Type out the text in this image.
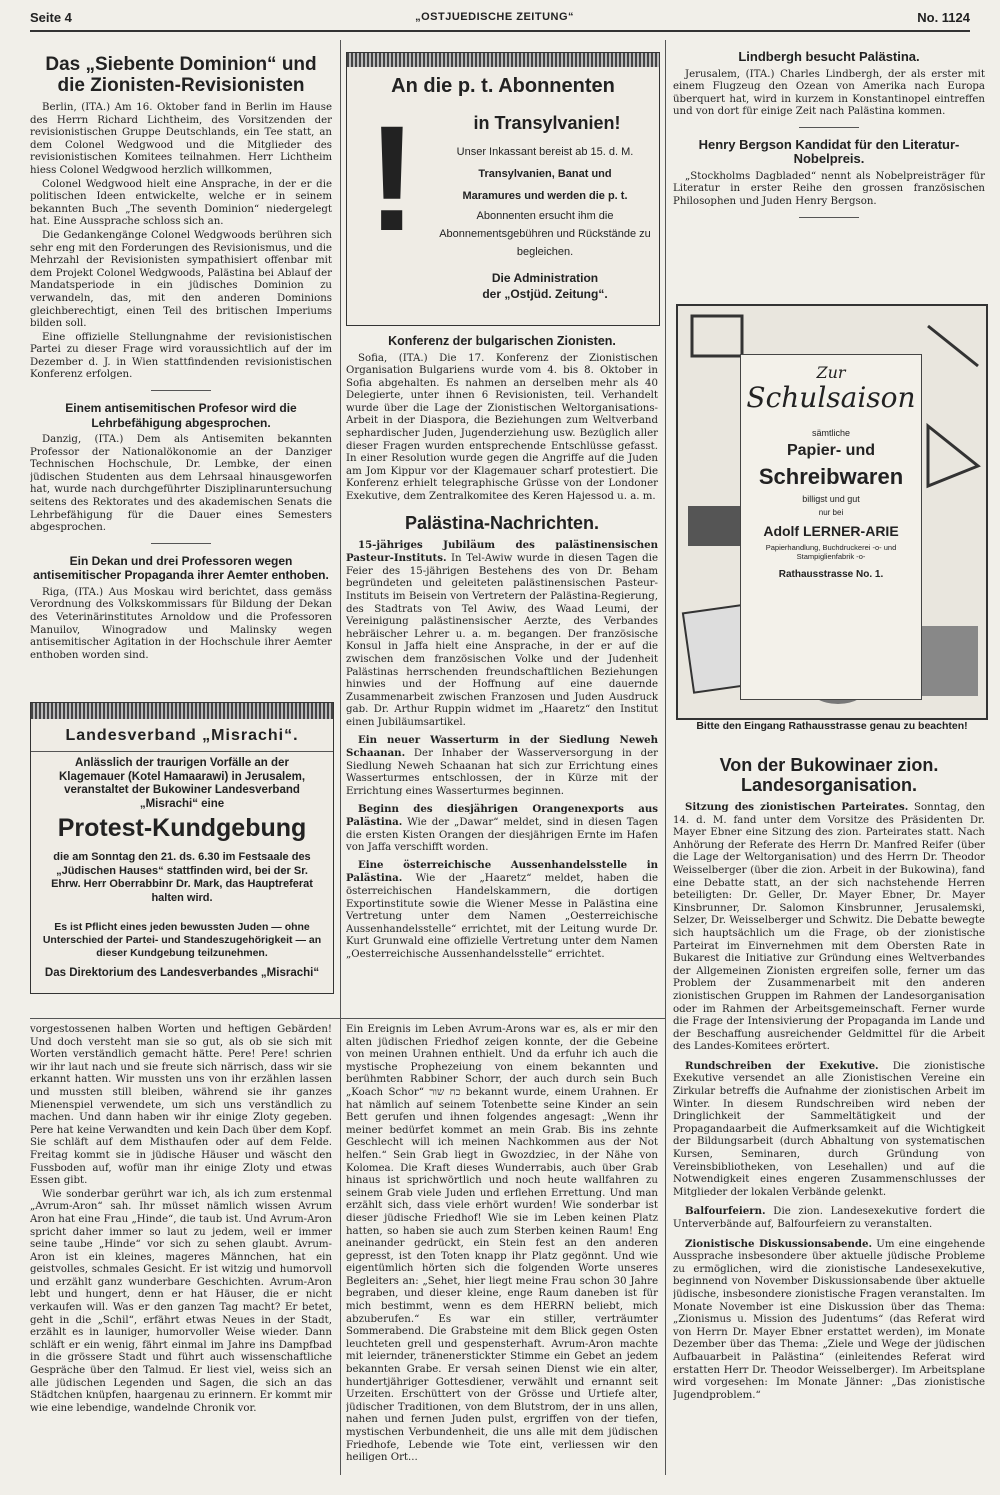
Seite 4	„OSTJUEDISCHE ZEITUNG“	No. 1124
Das „Siebente Dominion“ und die Zionisten-Revisionisten

Berlin, (ITA.) Am 16. Oktober fand in Berlin im Hause des Herrn Richard Lichtheim, des Vorsitzenden der revisionistischen Gruppe Deutschlands, ein Tee statt, an dem Colonel Wedgwood und die Mitglieder des revisionistischen Komitees teilnahmen. Herr Lichtheim hiess Colonel Wedgwood herzlich willkommen,

Colonel Wedgwood hielt eine Ansprache, in der er die politischen Ideen entwickelte, welche er in seinem bekannten Buch „The seventh Dominion“ niedergelegt hat. Eine Aussprache schloss sich an.

Die Gedankengänge Colonel Wedgwoods berühren sich sehr eng mit den Forderungen des Revisionismus, und die Mehrzahl der Revisionisten sympathisiert offenbar mit dem Projekt Colonel Wedgwoods, Palästina bei Ablauf der Mandatsperiode in ein jüdisches Dominion zu verwandeln, das, mit den anderen Dominions gleichberechtigt, einen Teil des britischen Imperiums bilden soll.

Eine offizielle Stellungnahme der revisionistischen Partei zu dieser Frage wird voraussichtlich auf der im Dezember d. J. in Wien stattfindenden revisionistischen Konferenz erfolgen.

Einem antisemitischen Profesor wird die Lehrbefähigung abgesprochen.

Danzig, (ITA.) Dem als Antisemiten bekannten Professor der Nationalökonomie an der Danziger Technischen Hochschule, Dr. Lembke, der einen jüdischen Studenten aus dem Lehrsaal hinausgeworfen hat, wurde nach durchgeführter Disziplinaruntersuchung seitens des Rektorates und des akademischen Senats die Lehrbefähigung für die Dauer eines Semesters abgesprochen.

Ein Dekan und drei Professoren wegen antisemitischer Propaganda ihrer Aemter enthoben.

Riga, (ITA.) Aus Moskau wird berichtet, dass gemäss Verordnung des Volkskommissars für Bildung der Dekan des Veterinärinstitutes Arnoldow und die Professoren Manuilov, Winogradow und Malinsky wegen antisemitischer Agitation in der Hochschule ihrer Aemter enthoben worden sind.

Landesverband „Misrachi“.
Anlässlich der traurigen Vorfälle an der Klagemauer (Kotel Hamaarawi) in Jerusalem, veranstaltet der Bukowiner Landesverband „Misrachi“ eine
Protest-Kundgebung
die am Sonntag den 21. ds. 6.30 im Festsaale des „Jüdischen Hauses“ stattfinden wird, bei der Sr. Ehrw. Herr Oberrabbinr Dr. Mark, das Hauptreferat halten wird.
Es ist Pflicht eines jeden bewussten Juden — ohne Unterschied der Partei- und Standeszugehörigkeit — an dieser Kundgebung teilzunehmen.
Das Direktorium des Landesverbandes „Misrachi“
An die p. t. Abonnenten
!	in Transylvanien!
Unser Inkassant bereist ab 15. d. M.
Transylvanien, Banat und
Maramures und werden die p. t.
Abonnenten ersucht ihm die Abonnementsgebühren und Rückstände zu begleichen.
Die Administration
der „Ostjüd. Zeitung“.
Konferenz der bulgarischen Zionisten.

Sofia, (ITA.) Die 17. Konferenz der Zionistischen Organisation Bulgariens wurde vom 4. bis 8. Oktober in Sofia abgehalten. Es nahmen an derselben mehr als 40 Delegierte, unter ihnen 6 Revisionisten, teil. Verhandelt wurde über die Lage der Zionistischen Weltorganisations-Arbeit in der Diaspora, die Beziehungen zum Weltverband sephardischer Juden, Jugenderziehung usw. Bezüglich aller dieser Fragen wurden entsprechende Entschlüsse gefasst. In einer Resolution wurde gegen die Angriffe auf die Juden am Jom Kippur vor der Klagemauer scharf protestiert. Die Konferenz erhielt telegraphische Grüsse von der Londoner Exekutive, dem Zentralkomitee des Keren Hajessod u. a. m.

Palästina-Nachrichten.

15-jähriges Jubiläum des palästinensischen Pasteur-Instituts. In Tel-Awiw wurde in diesen Tagen die Feier des 15-jährigen Bestehens des von Dr. Beham begründeten und geleiteten palästinensischen Pasteur-Instituts im Beisein von Vertretern der Palästina-Regierung, des Stadtrats von Tel Awiw, des Waad Leumi, der Vereinigung palästinensischer Aerzte, des Verbandes hebräischer Lehrer u. a. m. begangen. Der französische Konsul in Jaffa hielt eine Ansprache, in der er auf die zwischen dem französischen Volke und der Judenheit Palästinas herrschenden freundschaftlichen Beziehungen hinwies und der Hoffnung auf eine dauernde Zusammenarbeit zwischen Franzosen und Juden Ausdruck gab. Dr. Arthur Ruppin widmet im „Haaretz“ den Institut einen Jubiläumsartikel.

Ein neuer Wasserturm in der Siedlung Neweh Schaanan. Der Inhaber der Wasserversorgung in der Siedlung Neweh Schaanan hat sich zur Errichtung eines Wasserturmes entschlossen, der in Kürze mit der Errichtung eines Wasserturmes beginnen.

Beginn des diesjährigen Orangenexports aus Palästina. Wie der „Dawar“ meldet, sind in diesen Tagen die ersten Kisten Orangen der diesjährigen Ernte im Hafen von Jaffa verschifft worden.

Eine österreichische Aussenhandelsstelle in Palästina. Wie der „Haaretz“ meldet, haben die österreichischen Handelskammern, die dortigen Exportinstitute sowie die Wiener Messe in Palästina eine Vertretung unter dem Namen „Oesterreichische Aussenhandelsstelle“ errichtet, mit der Leitung wurde Dr. Kurt Grunwald eine offizielle Vertretung unter dem Namen „Oesterreichische Aussenhandelsstelle“ errichtet.

Lindbergh besucht Palästina.

Jerusalem, (ITA.) Charles Lindbergh, der als erster mit einem Flugzeug den Ozean von Amerika nach Europa überquert hat, wird in kurzem in Konstantinopel eintreffen und von dort für einige Zeit nach Palästina kommen.

Henry Bergson Kandidat für den Literatur-Nobelpreis.

„Stockholms Dagbladed“ nennt als Nobelpreisträger für Literatur in erster Reihe den grossen französischen Philosophen und Juden Henry Bergson.

Zur
Schulsaison
sämtliche
Papier- und
Schreibwaren
billigst und gut
nur bei
Adolf LERNER-ARIE
Papierhandlung, Buchdruckerei -o- und Stampiglienfabrik -o-
Rathausstrasse No. 1.
Bitte den Eingang Rathausstrasse genau zu beachten!
Von der Bukowinaer zion. Landesorganisation.

Sitzung des zionistischen Parteirates. Sonntag, den 14. d. M. fand unter dem Vorsitze des Präsidenten Dr. Mayer Ebner eine Sitzung des zion. Parteirates statt. Nach Anhörung der Referate des Herrn Dr. Manfred Reifer (über die Lage der Weltorganisation) und des Herrn Dr. Theodor Weisselberger (über die zion. Arbeit in der Bukowina), fand eine Debatte statt, an der sich nachstehende Herren beteiligten: Dr. Geller, Dr. Mayer Ebner, Dr. Mayer Kinsbrunner, Dr. Salomon Kinsbrunner, Jerusalemski, Selzer, Dr. Weisselberger und Schwitz. Die Debatte bewegte sich hauptsächlich um die Frage, ob der zionistische Parteirat im Einvernehmen mit dem Obersten Rate in Bukarest die Initiative zur Gründung eines Weltverbandes der Allgemeinen Zionisten ergreifen solle, ferner um das Problem der Zusammenarbeit mit den anderen zionistischen Gruppen im Rahmen der Landesorganisation oder im Rahmen der Arbeitsgemeinschaft. Ferner wurde die Frage der Intensivierung der Propaganda im Lande und der Beschaffung ausreichender Geldmittel für die Arbeit des Landes-Komitees erörtert.

Rundschreiben der Exekutive. Die zionistische Exekutive versendet an alle Zionistischen Vereine ein Zirkular betreffs die Aufnahme der zionistischen Arbeit im Winter. In diesem Rundschreiben wird neben der Dringlichkeit der Sammeltätigkeit und der Propagandaarbeit die Aufmerksamkeit auf die Wichtigkeit der Bildungsarbeit (durch Abhaltung von systematischen Kursen, Seminaren, durch Gründung von Vereinsbibliotheken, von Lesehallen) und auf die Notwendigkeit eines engeren Zusammenschlusses der Mitglieder der lokalen Verbände gelenkt.

Balfourfeiern. Die zion. Landesexekutive fordert die Unterverbände auf, Balfourfeiern zu veranstalten.

Zionistische Diskussionsabende. Um eine eingehende Aussprache insbesondere über aktuelle jüdische Probleme zu ermöglichen, wird die zionistische Landesexekutive, beginnend von November Diskussionsabende über aktuelle jüdische, insbesondere zionistische Fragen veranstalten. Im Monate November ist eine Diskussion über das Thema: „Zionismus u. Mission des Judentums“ (das Referat wird von Herrn Dr. Mayer Ebner erstattet werden), im Monate Dezember über das Thema: „Ziele und Wege der jüdischen Aufbauarbeit in Palästina“ (einleitendes Referat wird erstatten Herr Dr. Theodor Weisselberger). Im Arbeitsplane wird vorgesehen: Im Monate Jänner: „Das zionistische Jugendproblem.“

vorgestossenen halben Worten und heftigen Gebärden! Und doch versteht man sie so gut, als ob sie sich mit Worten verständlich gemacht hätte. Pere! Pere! schrien wir ihr laut nach und sie freute sich närrisch, dass wir sie erkannt hatten. Wir mussten uns von ihr erzählen lassen und mussten still bleiben, während sie ihr ganzes Mienenspiel verwendete, um sich uns verständlich zu machen. Und dann haben wir ihr einige Zloty gegeben. Pere hat keine Verwandten und kein Dach über dem Kopf. Sie schläft auf dem Misthaufen oder auf dem Felde. Freitag kommt sie in jüdische Häuser und wäscht den Fussboden auf, wofür man ihr einige Zloty und etwas Essen gibt.

Wie sonderbar gerührt war ich, als ich zum erstenmal „Avrum-Aron“ sah. Ihr müsset nämlich wissen Avrum Aron hat eine Frau „Hinde“, die taub ist. Und Avrum-Aron spricht daher immer so laut zu jedem, weil er immer seine taube „Hinde“ vor sich zu sehen glaubt. Avrum-Aron ist ein kleines, mageres Männchen, hat ein geistvolles, schmales Gesicht. Er ist witzig und humorvoll und erzählt ganz wunderbare Geschichten. Avrum-Aron lebt und hungert, denn er hat Häuser, die er nicht verkaufen will. Was er den ganzen Tag macht? Er betet, geht in die „Schil“, erfährt etwas Neues in der Stadt, erzählt es in launiger, humorvoller Weise wieder. Dann schläft er ein wenig, fährt einmal im Jahre ins Dampfbad in die grössere Stadt und führt auch wissenschaftliche Gespräche über den Talmud. Er liest viel, weiss sich an alle jüdischen Legenden und Sagen, die sich an das Städtchen knüpfen, haargenau zu erinnern. Er kommt mir wie eine lebendige, wandelnde Chronik vor.

Ein Ereignis im Leben Avrum-Arons war es, als er mir den alten jüdischen Friedhof zeigen konnte, der die Gebeine von meinen Urahnen enthielt. Und da erfuhr ich auch die mystische Prophezeiung von einem bekannten und berühmten Rabbiner Schorr, der auch durch sein Buch „Koach Schor“ כח שור bekannt wurde, einem Urahnen. Er hat nämlich auf seinem Totenbette seine Kinder an sein Bett gerufen und ihnen folgendes angesagt: „Wenn ihr meiner bedürfet kommet an mein Grab. Bis ins zehnte Geschlecht will ich meinen Nachkommen aus der Not helfen.“ Sein Grab liegt in Gwozdziec, in der Nähe von Kolomea. Die Kraft dieses Wunderrabis, auch über Grab hinaus ist sprichwörtlich und noch heute wallfahren zu seinem Grab viele Juden und erflehen Errettung. Und man erzählt sich, dass viele erhört wurden! Wie sonderbar ist dieser jüdische Friedhof! Wie sie im Leben keinen Platz hatten, so haben sie auch zum Sterben keinen Raum! Eng aneinander gedrückt, ein Stein fest an den anderen gepresst, ist den Toten knapp ihr Platz gegönnt. Und wie eigentümlich hörten sich die folgenden Worte unseres Begleiters an: „Sehet, hier liegt meine Frau schon 30 Jahre begraben, und dieser kleine, enge Raum daneben ist für mich bestimmt, wenn es dem HERRN beliebt, mich abzuberufen.“ Es war ein stiller, verträumter Sommerabend. Die Grabsteine mit dem Blick gegen Osten leuchteten grell und gespensterhaft. Avrum-Aron machte mit leiernder, tränenerstickter Stimme ein Gebet an jedem bekannten Grabe. Er versah seinen Dienst wie ein alter, hundertjähriger Gottesdiener, verwählt und ernannt seit Urzeiten. Erschüttert von der Grösse und Urtiefe alter, jüdischer Traditionen, von dem Blutstrom, der in uns allen, nahen und fernen Juden pulst, ergriffen von der tiefen, mystischen Verbundenheit, die uns alle mit dem jüdischen Friedhofe, Lebende wie Tote eint, verliessen wir den heiligen Ort...
